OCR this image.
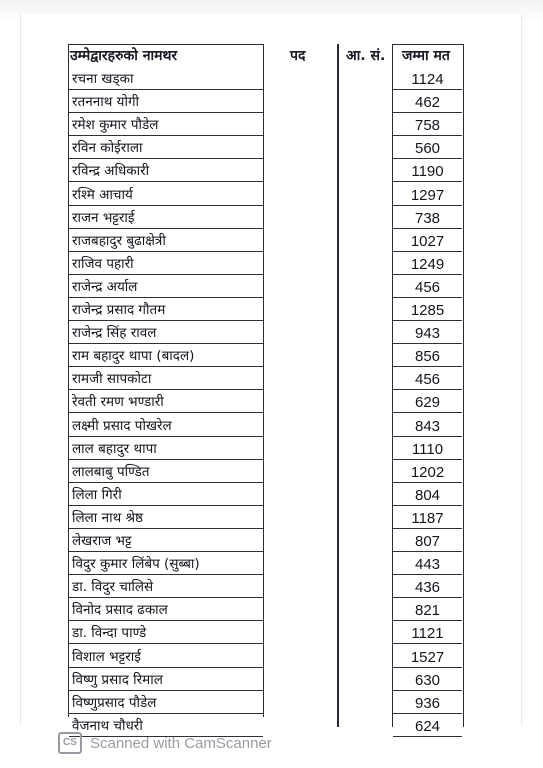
उम्मेद्वारहरुको नामथर	पद	आ. सं. जम्मा मत
रचना खड्का
रतननाथ योगी
रमेश कुमार पौडेल
रविन कोईराला
रविन्द्र अधिकारी
रश्मि आचार्य
राजन भट्टराई
राजबहादुर बुढाक्षेत्री
राजिव पहारी
राजेन्द्र अर्याल
राजेन्द्र प्रसाद गौतम
राजेन्द्र सिंह रावल
राम बहादुर थापा (बादल)
रामजी सापकोटा
रेवती रमण भण्डारी
लक्ष्मी प्रसाद पोखरेल
लाल बहादुर थापा
लालबाबु पण्डित
लिला गिरी
लिला नाथ श्रेष्ठ
लेखराज भट्ट
विदुर कुमार लिंबेप (सुब्बा)
डा. विदुर चालिसे
विनोद प्रसाद ढकाल
डा. विन्दा पाण्डे
विशाल भट्टराई
विष्णु प्रसाद रिमाल
विष्णुप्रसाद पौडेल
वैजनाथ चौधरी
1124
462
758
560
1190
1297
738
1027
1249
456
1285
943
856
456
629
843
1110
1202
804
1187
807
443
436
821
1121
1527
630
936
624
CS Scanned with CamScanner
